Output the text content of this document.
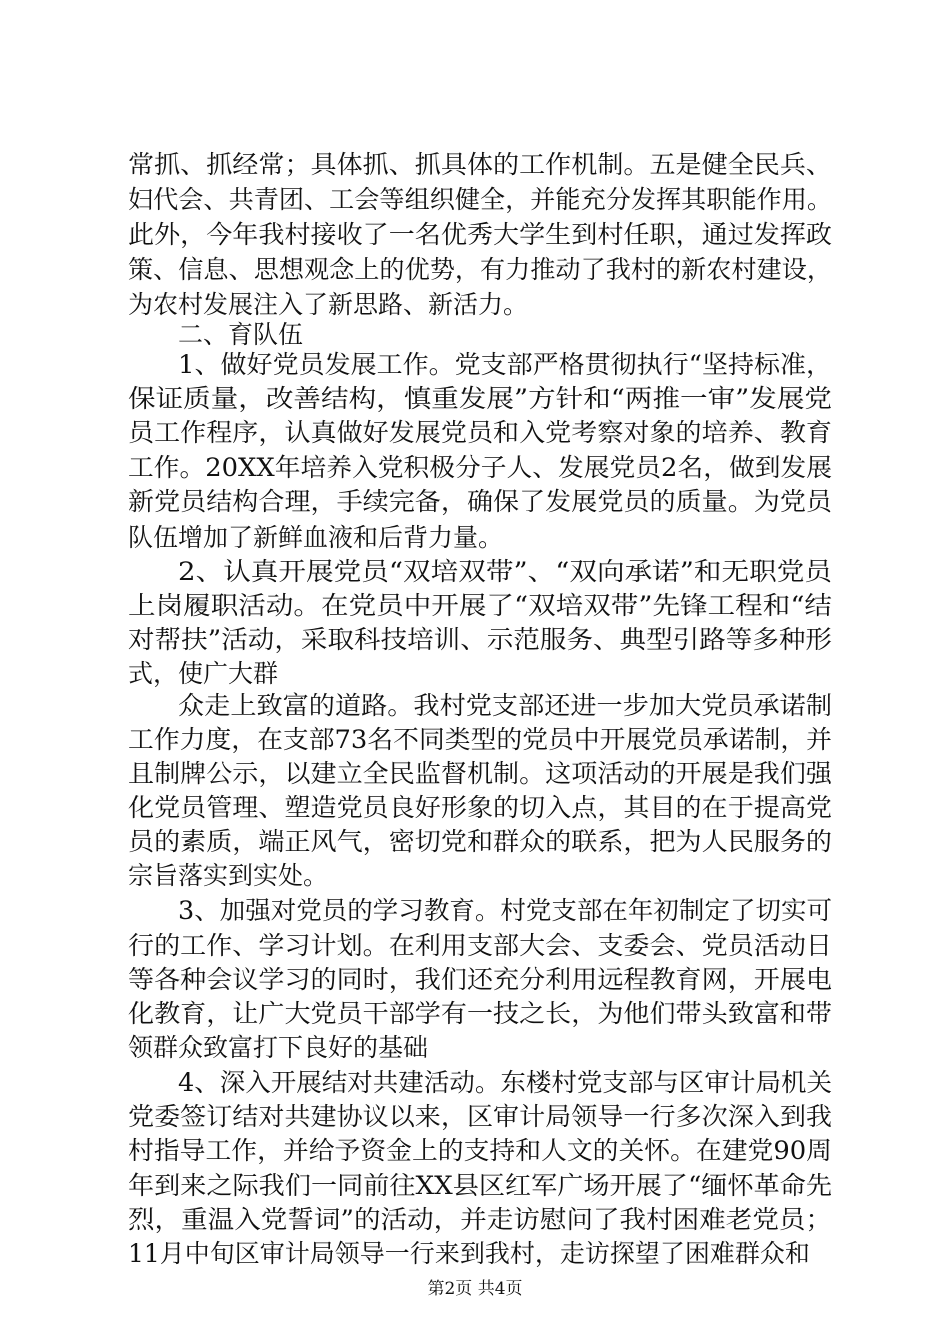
常抓、抓经常；具体抓、抓具体的工作机制。五是健全民兵、
妇代会、共青团、工会等组织健全，并能充分发挥其职能作用。
此外，今年我村接收了一名优秀大学生到村任职，通过发挥政
策、信息、思想观念上的优势，有力推动了我村的新农村建设，
为农村发展注入了新思路、新活力。
二、育队伍
1、做好党员发展工作。党支部严格贯彻执行“坚持标准，
保证质量，改善结构，慎重发展”方针和“两推一审”发展党
员工作程序，认真做好发展党员和入党考察对象的培养、教育
工作。20XX年培养入党积极分子人、发展党员2名，做到发展
新党员结构合理，手续完备，确保了发展党员的质量。为党员
队伍增加了新鲜血液和后背力量。
2、认真开展党员“双培双带”、“双向承诺”和无职党员
上岗履职活动。在党员中开展了“双培双带”先锋工程和“结
对帮扶”活动，采取科技培训、示范服务、典型引路等多种形
式，使广大群
众走上致富的道路。我村党支部还进一步加大党员承诺制
工作力度，在支部73名不同类型的党员中开展党员承诺制，并
且制牌公示，以建立全民监督机制。这项活动的开展是我们强
化党员管理、塑造党员良好形象的切入点，其目的在于提高党
员的素质，端正风气，密切党和群众的联系，把为人民服务的
宗旨落实到实处。
3、加强对党员的学习教育。村党支部在年初制定了切实可
行的工作、学习计划。在利用支部大会、支委会、党员活动日
等各种会议学习的同时，我们还充分利用远程教育网，开展电
化教育，让广大党员干部学有一技之长，为他们带头致富和带
领群众致富打下良好的基础
4、深入开展结对共建活动。东楼村党支部与区审计局机关
党委签订结对共建协议以来，区审计局领导一行多次深入到我
村指导工作，并给予资金上的支持和人文的关怀。在建党90周
年到来之际我们一同前往XX县区红军广场开展了“缅怀革命先
烈，重温入党誓词”的活动，并走访慰问了我村困难老党员；
11月中旬区审计局领导一行来到我村，走访探望了困难群众和
第2页 共4页
